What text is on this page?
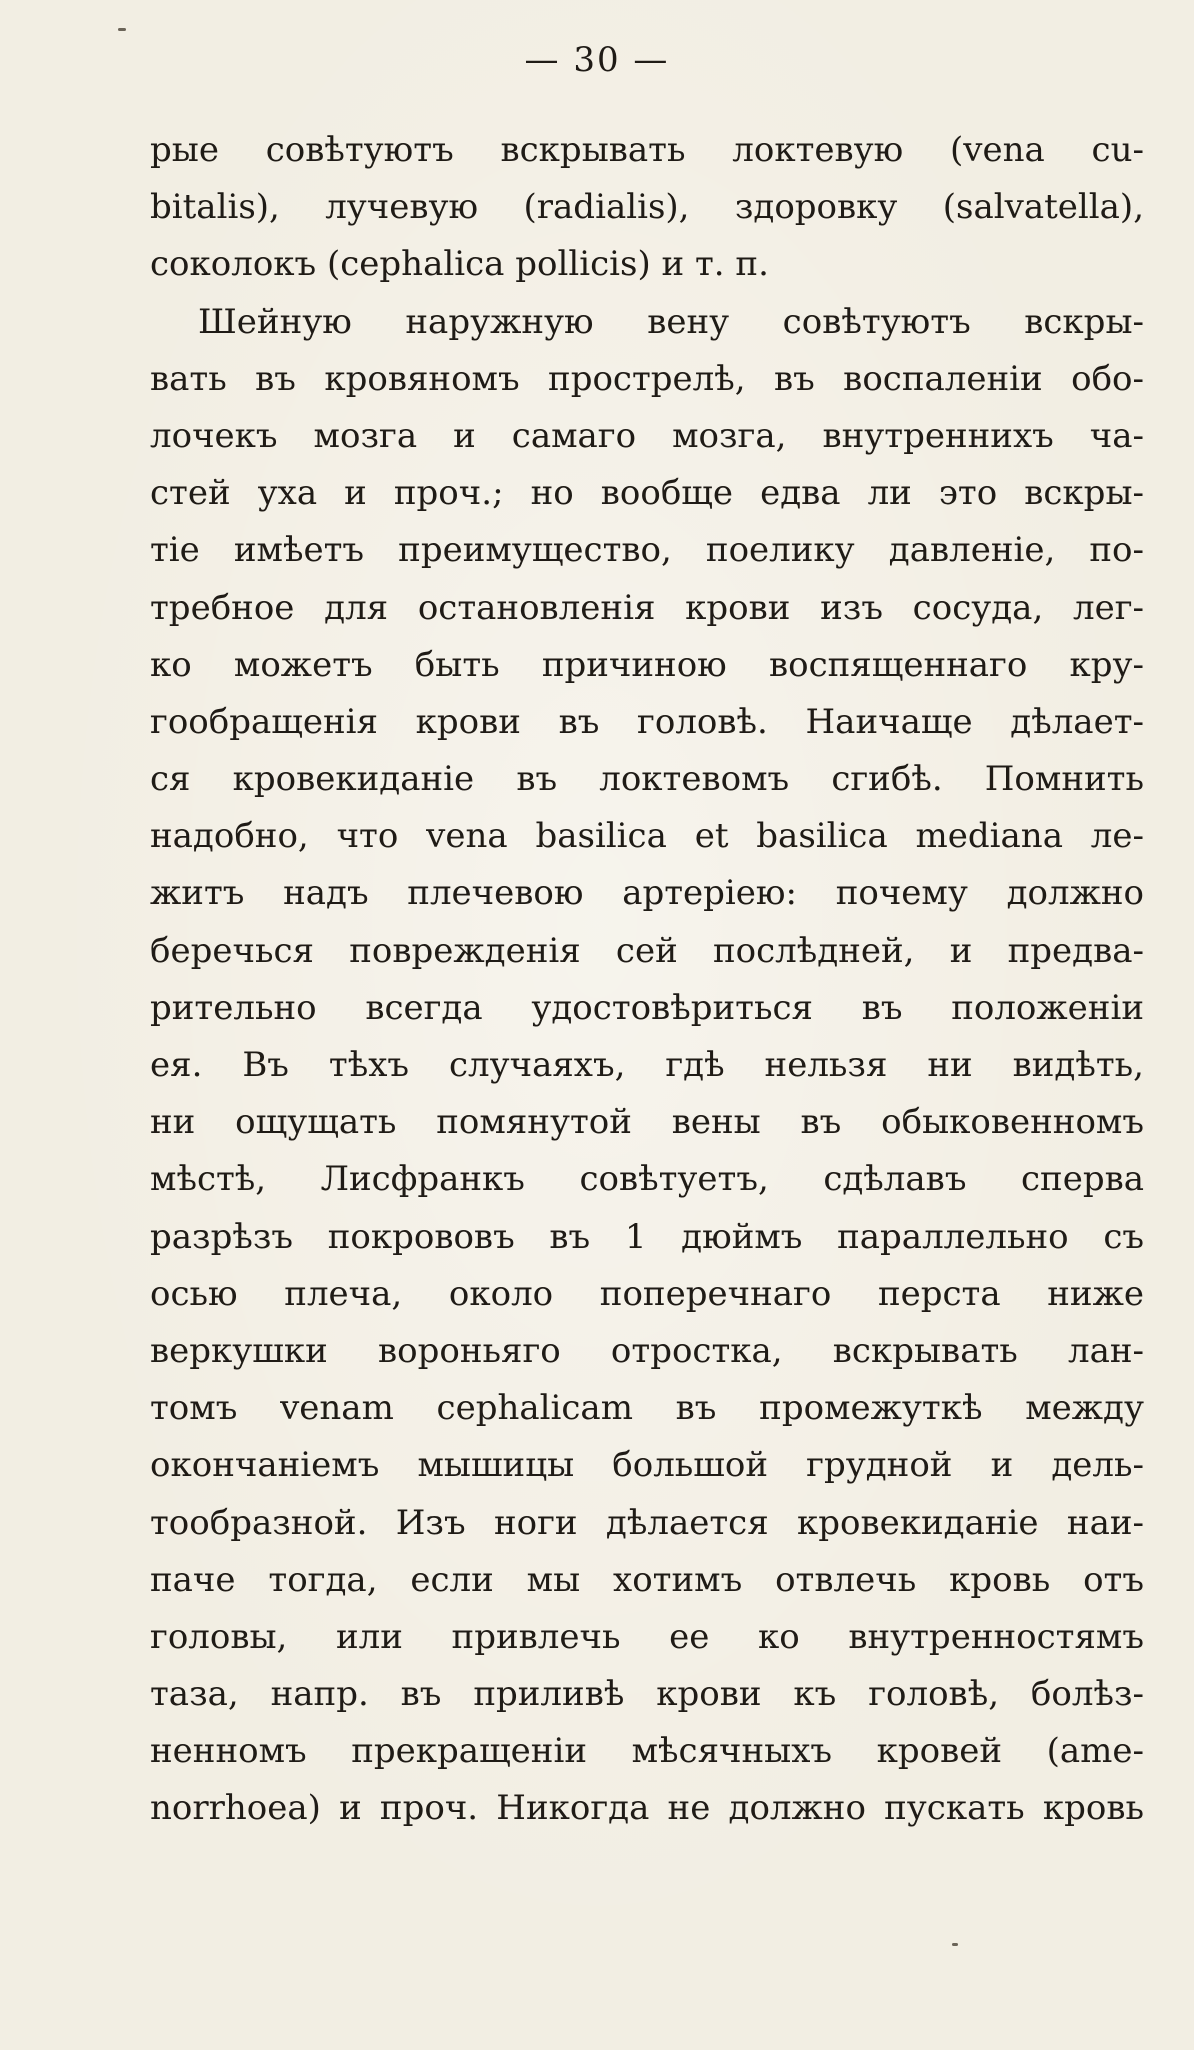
— 30 —
рые совѣтуютъ вскрывать локтевую (vena cu-
bitalis), лучевую (radialis), здоровку (salvatella),
соколокъ (cephalica pollicis) и т. п.
Шейную наружную вену совѣтуютъ вскры-
вать въ кровяномъ прострелѣ, въ воспаленіи обо-
лочекъ мозга и самаго мозга, внутреннихъ ча-
стей уха и проч.; но вообще едва ли это вскры-
тіе имѣетъ преимущество, поелику давленіе, по-
требное для остановленія крови изъ сосуда, лег-
ко можетъ быть причиною воспященнаго кру-
гообращенія крови въ головѣ. Наичаще дѣлает-
ся кровекиданіе въ локтевомъ сгибѣ. Помнить
надобно, что vena basilica et basilica mediana ле-
житъ надъ плечевою артеріею: почему должно
беречься поврежденія сей послѣдней, и предва-
рительно всегда удостовѣриться въ положеніи
ея. Въ тѣхъ случаяхъ, гдѣ нельзя ни видѣть,
ни ощущать помянутой вены въ обыковенномъ
мѣстѣ, Лисфранкъ совѣтуетъ, сдѣлавъ сперва
разрѣзъ покрововъ въ 1 дюймъ параллельно съ
осью плеча, около поперечнаго перста ниже
веркушки вороньяго отростка, вскрывать лан-
томъ venam cephalicam въ промежуткѣ между
окончаніемъ мышицы большой грудной и дель-
тообразной. Изъ ноги дѣлается кровекиданіе наи-
паче тогда, если мы хотимъ отвлечь кровь отъ
головы, или привлечь ее ко внутренностямъ
таза, напр. въ приливѣ крови къ головѣ, болѣз-
ненномъ прекращеніи мѣсячныхъ кровей (ame-
norrhoea) и проч. Никогда не должно пускать кровь
